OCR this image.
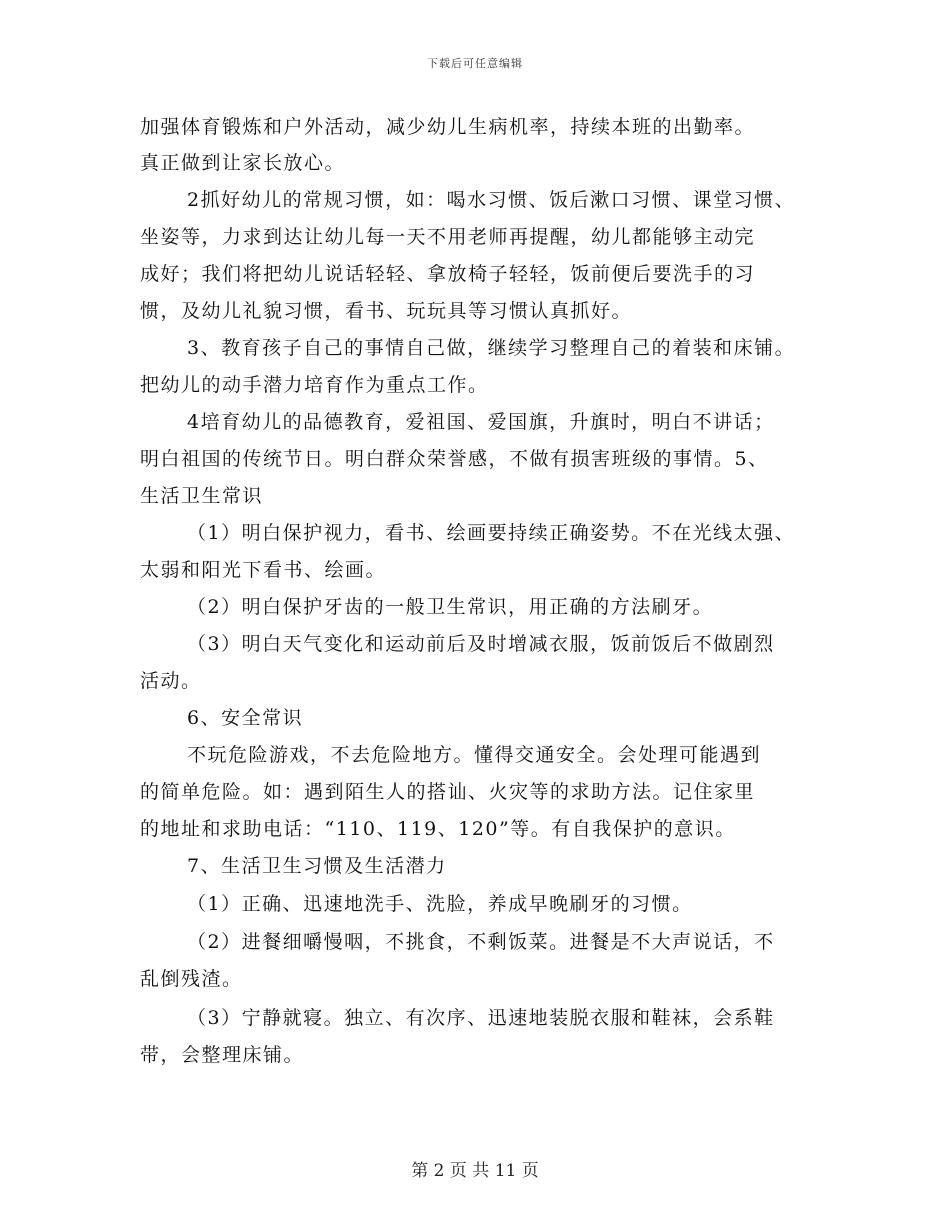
下载后可任意编辑
加强体育锻炼和户外活动，减少幼儿生病机率，持续本班的出勤率。
真正做到让家长放心。
2抓好幼儿的常规习惯，如：喝水习惯、饭后漱口习惯、课堂习惯、
坐姿等，力求到达让幼儿每一天不用老师再提醒，幼儿都能够主动完
成好；我们将把幼儿说话轻轻、拿放椅子轻轻，饭前便后要洗手的习
惯，及幼儿礼貌习惯，看书、玩玩具等习惯认真抓好。
3、教育孩子自己的事情自己做，继续学习整理自己的着装和床铺。
把幼儿的动手潜力培育作为重点工作。
4培育幼儿的品德教育，爱祖国、爱国旗，升旗时，明白不讲话；
明白祖国的传统节日。明白群众荣誉感，不做有损害班级的事情。5、
生活卫生常识
（1）明白保护视力，看书、绘画要持续正确姿势。不在光线太强、
太弱和阳光下看书、绘画。
（2）明白保护牙齿的一般卫生常识，用正确的方法刷牙。
（3）明白天气变化和运动前后及时增减衣服，饭前饭后不做剧烈
活动。
6、安全常识
不玩危险游戏，不去危险地方。懂得交通安全。会处理可能遇到
的简单危险。如：遇到陌生人的搭讪、火灾等的求助方法。记住家里
的地址和求助电话：“110、119、120”等。有自我保护的意识。
7、生活卫生习惯及生活潜力
（1）正确、迅速地洗手、洗脸，养成早晚刷牙的习惯。
（2）进餐细嚼慢咽，不挑食，不剩饭菜。进餐是不大声说话，不
乱倒残渣。
（3）宁静就寝。独立、有次序、迅速地装脱衣服和鞋袜，会系鞋
带，会整理床铺。
第 2 页 共 11 页
